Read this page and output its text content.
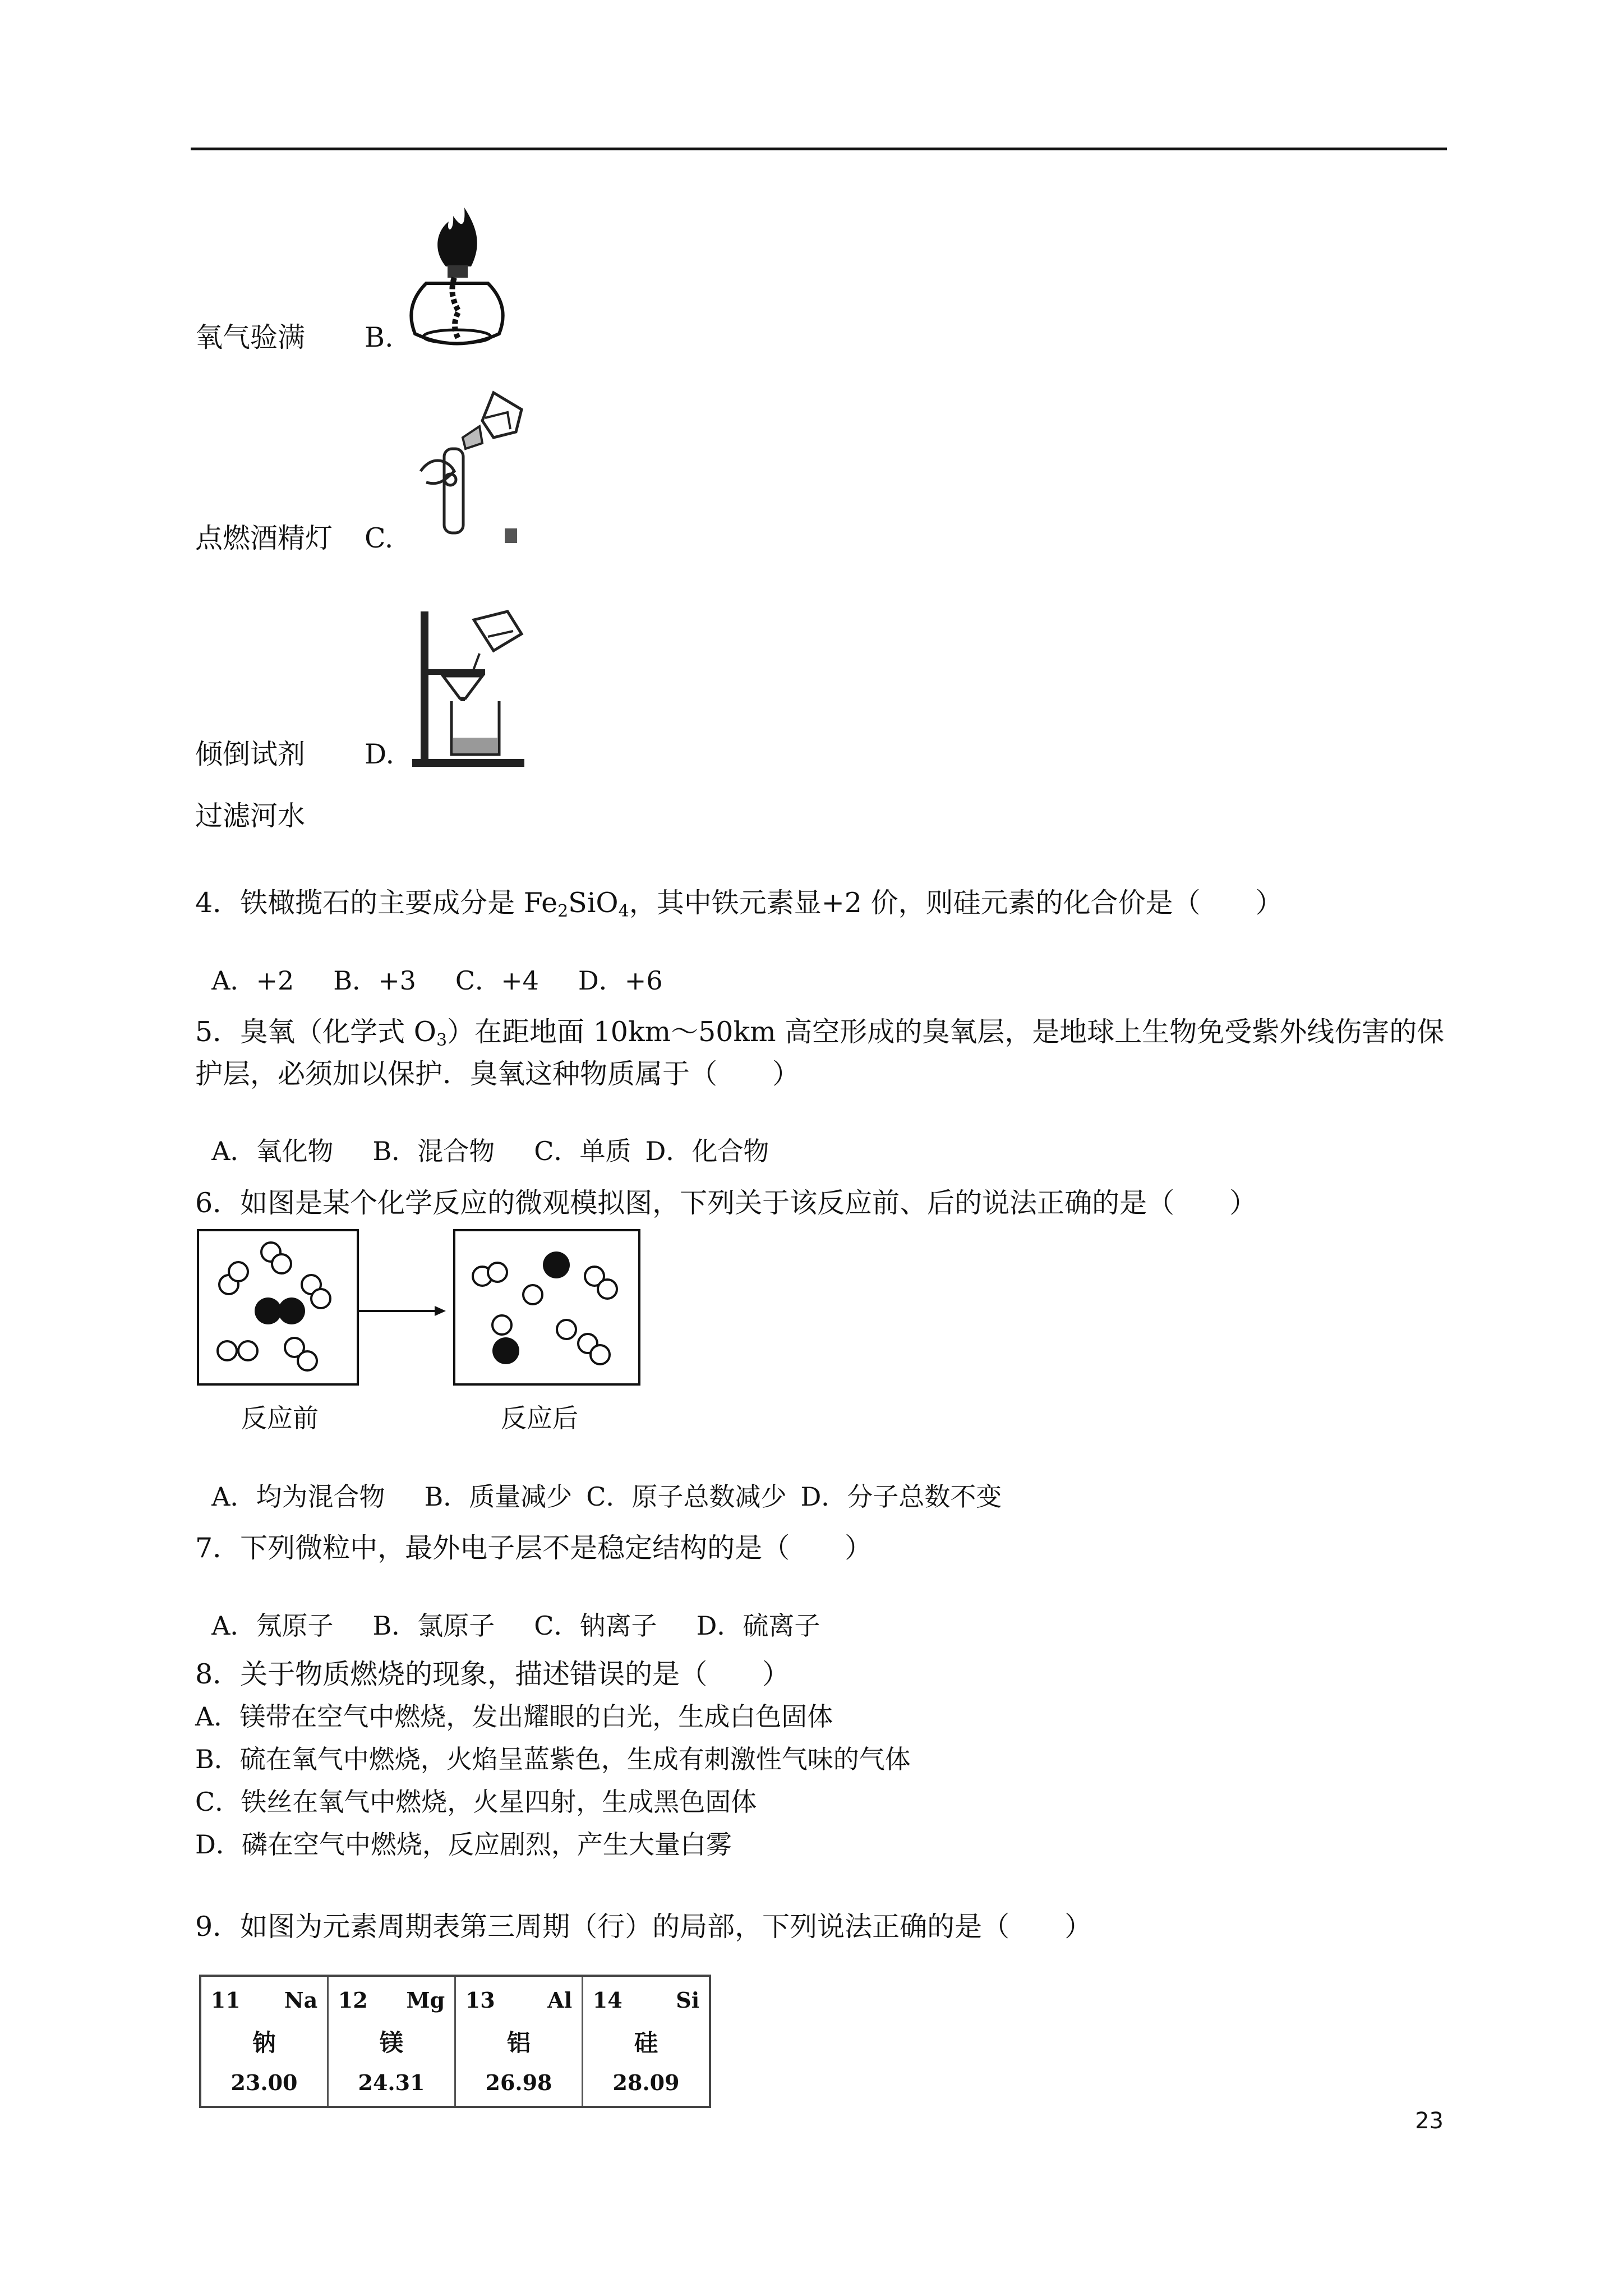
氧气验满 B.
点燃酒精灯 C.
倾倒试剂 D.
过滤河水
4．铁橄揽石的主要成分是 $Fe_2SiO_4$，其中铁元素显+2 价，则硅元素的化合价是（　　）

A．+2 B．+3 C．+4 D．+6

5．臭氧（化学式 $O_3$）在距地面 10km～50km 高空形成的臭氧层，是地球上生物免受紫外线伤害的保
护层，必须加以保护．臭氧这种物质属于（　　）

A．氧化物 B．混合物 C．单质 D．化合物

6．如图是某个化学反应的微观模拟图，下列关于该反应前、后的说法正确的是（　　）
反应前	反应后

A．均为混合物 B．质量减少 C．原子总数减少 D．分子总数不变

7．下列微粒中，最外电子层不是稳定结构的是（　　）

A．氖原子 B．氯原子 C．钠离子 D．硫离子

8．关于物质燃烧的现象，描述错误的是（　　）
A．镁带在空气中燃烧，发出耀眼的白光，生成白色固体
B．硫在氧气中燃烧，火焰呈蓝紫色，生成有刺激性气味的气体
C．铁丝在氧气中燃烧，火星四射，生成黑色固体
D．磷在空气中燃烧，反应剧烈，产生大量白雾
9．如图为元素周期表第三周期（行）的局部，下列说法正确的是（　　）
11 Na
钠
23.00
12 Mg
镁
24.31
13 Al
铝
26.98
14	Si
硅
28.09
23
